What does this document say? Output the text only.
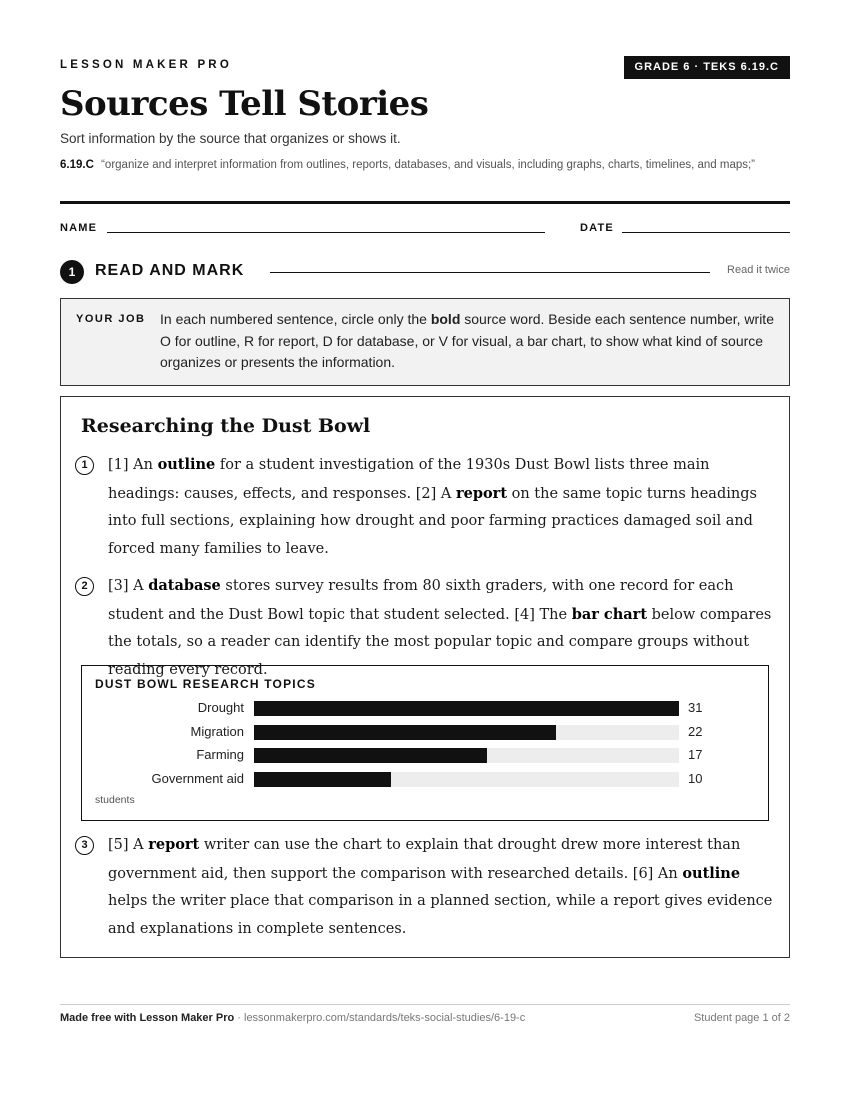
LESSON MAKER PRO	GRADE 6 · TEKS 6.19.C
Sources Tell Stories
Sort information by the source that organizes or shows it.
6.19.C “organize and interpret information from outlines, reports, databases, and visuals, including graphs, charts, timelines, and maps;”
NAME	DATE
1	READ AND MARK	Read it twice
YOUR JOB In each numbered sentence, circle only the bold source word. Beside each sentence number, write O for outline, R for report, D for database, or V for visual, a bar chart, to show what kind of source organizes or presents the information.
Researching the Dust Bowl
1	[1] An outline for a student investigation of the 1930s Dust Bowl lists three main headings: causes, effects, and responses. [2] A report on the same topic turns headings into full sections, explaining how drought and poor farming practices damaged soil and forced many families to leave.
2	[3] A database stores survey results from 80 sixth graders, with one record for each student and the Dust Bowl topic that student selected. [4] The bar chart below compares the totals, so a reader can identify the most popular topic and compare groups without reading every record.
DUST BOWL RESEARCH TOPICS
Drought	31
Migration	22
Farming	17
Government aid	10
students
3	[5] A report writer can use the chart to explain that drought drew more interest than government aid, then support the comparison with researched details. [6] An outline helps the writer place that comparison in a planned section, while a report gives evidence and explanations in complete sentences.
Made free with Lesson Maker Pro · lessonmakerpro.com/standards/teks-social-studies/6-19-c	Student page 1 of 2
